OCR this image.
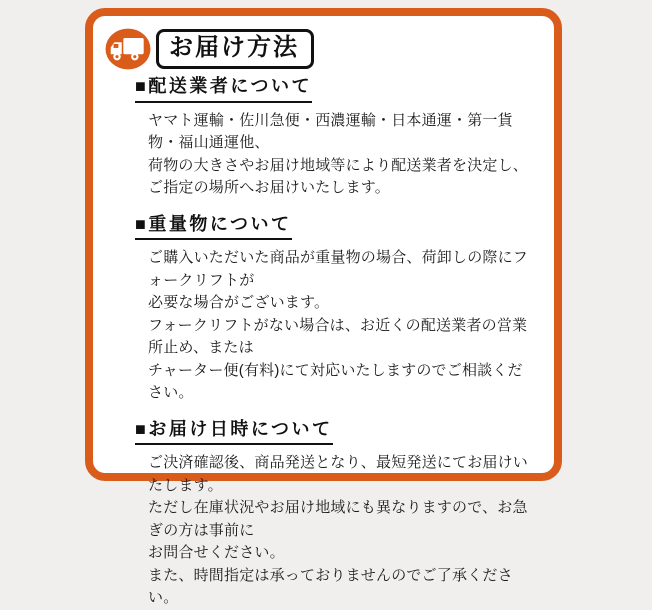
お届け方法
■配送業者について

ヤマト運輸・佐川急便・西濃運輸・日本通運・第一貨物・福山通運他、
荷物の大きさやお届け地域等により配送業者を決定し、
ご指定の場所へお届けいたします。

■重量物について

ご購入いただいた商品が重量物の場合、荷卸しの際にフォークリフトが
必要な場合がございます。
フォークリフトがない場合は、お近くの配送業者の営業所止め、または
チャーター便(有料)にて対応いたしますのでご相談ください。

■お届け日時について

ご決済確認後、商品発送となり、最短発送にてお届けいたします。
ただし在庫状況やお届け地域にも異なりますので、お急ぎの方は事前に
お問合せください。
また、時間指定は承っておりませんのでご了承ください。
